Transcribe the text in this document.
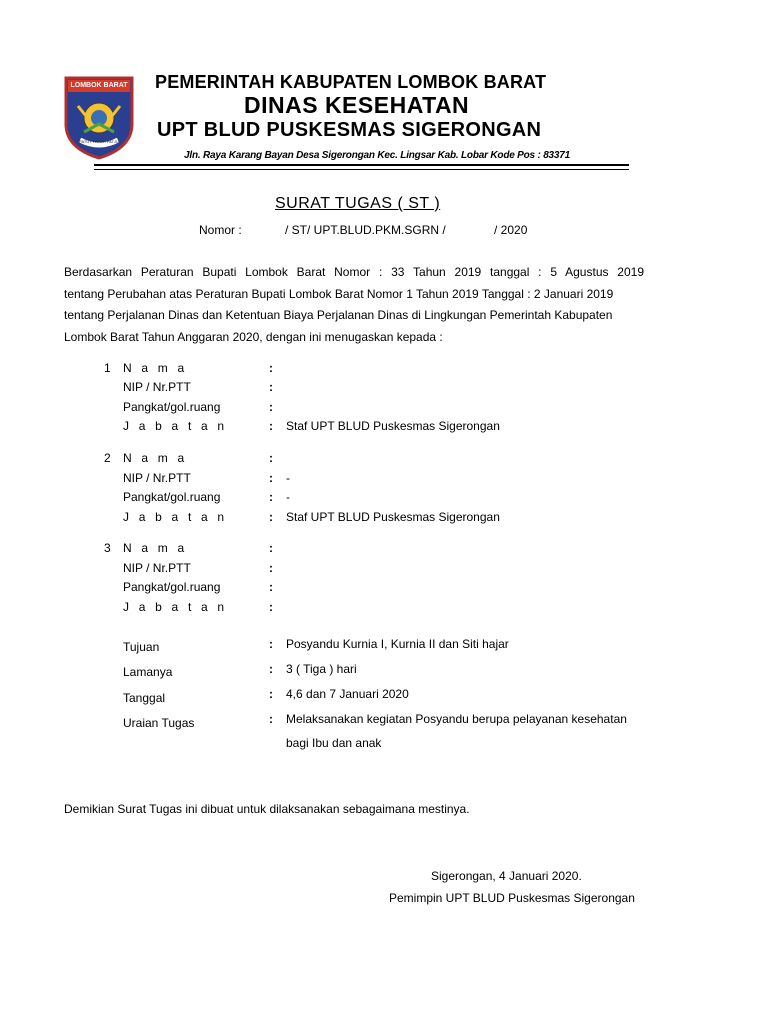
LOMBOK BARAT
PATUT PATUH PATJU
PEMERINTAH KABUPATEN LOMBOK BARAT
DINAS KESEHATAN
UPT BLUD PUSKESMAS SIGERONGAN
Jln. Raya Karang Bayan Desa Sigerongan Kec. Lingsar Kab. Lobar Kode Pos : 83371
SURAT TUGAS ( ST )
Nomor :	/ ST/ UPT.BLUD.PKM.SGRN /	/ 2020
Berdasarkan Peraturan Bupati Lombok Barat Nomor : 33 Tahun 2019 tanggal : 5 Agustus 2019
tentang Perubahan atas Peraturan Bupati Lombok Barat Nomor 1 Tahun 2019 Tanggal : 2 Januari 2019
tentang Perjalanan Dinas dan Ketentuan Biaya Perjalanan Dinas di Lingkungan Pemerintah Kabupaten
Lombok Barat Tahun Anggaran 2020, dengan ini menugaskan kepada :
1 N a m a	:
NIP / Nr.PTT	:
Pangkat/gol.ruang	:
J a b a t a n	: Staf UPT BLUD Puskesmas Sigerongan
2 N a m a	:
NIP / Nr.PTT	: -
Pangkat/gol.ruang	: -
J a b a t a n	: Staf UPT BLUD Puskesmas Sigerongan
3 N a m a	:
NIP / Nr.PTT	:
Pangkat/gol.ruang	:
J a b a t a n	:
Tujuan	: Posyandu Kurnia I, Kurnia II dan Siti hajar
Lamanya	: 3 ( Tiga ) hari
Tanggal	: 4,6 dan 7 Januari 2020
Uraian Tugas	: Melaksanakan kegiatan Posyandu berupa pelayanan kesehatan
bagi Ibu dan anak
Demikian Surat Tugas ini dibuat untuk dilaksanakan sebagaimana mestinya.
Sigerongan, 4 Januari 2020.
Pemimpin UPT BLUD Puskesmas Sigerongan
